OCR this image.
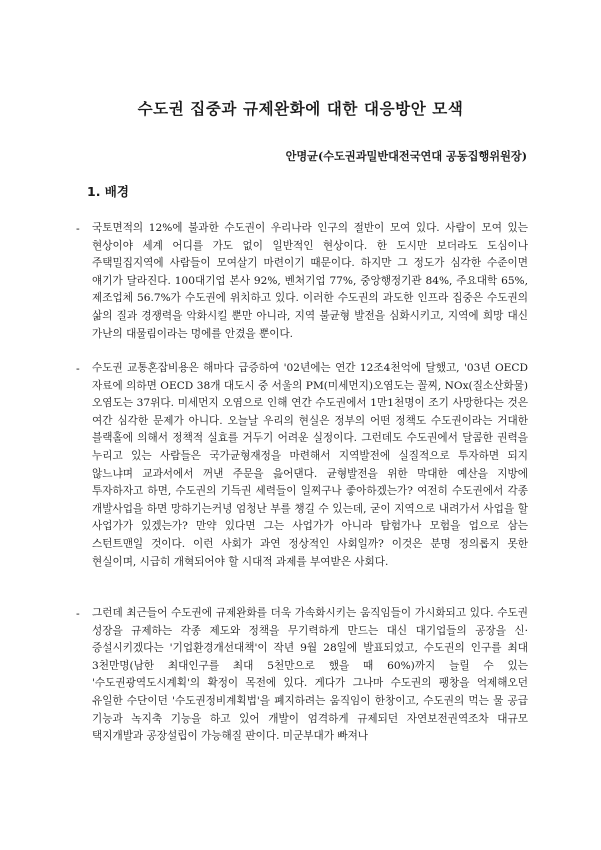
수도권 집중과 규제완화에 대한 대응방안 모색
안명균(수도권과밀반대전국연대 공동집행위원장)
1. 배경
- 국토면적의 12%에 불과한 수도권이 우리나라 인구의 절반이 모여 있다. 사람이 모여 있는 현상이야 세계 어디를 가도 없이 일반적인 현상이다. 한 도시만 보더라도 도심이나 주택밀집지역에 사람들이 모여살기 마련이기 때문이다. 하지만 그 정도가 심각한 수준이면 얘기가 달라진다. 100대기업 본사 92%, 벤처기업 77%, 중앙행정기관 84%, 주요대학 65%, 제조업체 56.7%가 수도권에 위치하고 있다. 이러한 수도권의 과도한 인프라 집중은 수도권의 삶의 질과 경쟁력을 악화시킬 뿐만 아니라, 지역 불균형 발전을 심화시키고, 지역에 희망 대신 가난의 대물림이라는 멍에를 안겼을 뿐이다.
- 수도권 교통혼잡비용은 해마다 급증하여 '02년에는 연간 12조4천억에 달했고, '03년 OECD 자료에 의하면 OECD 38개 대도시 중 서울의 PM(미세먼지)오염도는 꼴찌, NOx(질소산화물)오염도는 37위다. 미세먼지 오염으로 인해 연간 수도권에서 1만1천명이 조기 사망한다는 것은 여간 심각한 문제가 아니다. 오늘날 우리의 현실은 정부의 어떤 정책도 수도권이라는 거대한 블랙홀에 의해서 정책적 실효를 거두기 어려운 실정이다. 그런데도 수도권에서 달콤한 권력을 누리고 있는 사람들은 국가균형재정을 마련해서 지역발전에 실질적으로 투자하면 되지 않느냐며 교과서에서 꺼낸 주문을 읊어댄다. 균형발전을 위한 막대한 예산을 지방에 투자하자고 하면, 수도권의 기득권 세력들이 일찌구나 좋아하겠는가? 여전히 수도권에서 각종 개발사업을 하면 망하기는커녕 엄청난 부를 챙길 수 있는데, 굳이 지역으로 내려가서 사업을 할 사업가가 있겠는가? 만약 있다면 그는 사업가가 아니라 탐험가나 모험을 업으로 삼는 스턴트맨일 것이다. 이런 사회가 과연 정상적인 사회일까? 이것은 분명 정의롭지 못한 현실이며, 시급히 개혁되어야 할 시대적 과제를 부여받은 사회다.
- 그런데 최근들어 수도권에 규제완화를 더욱 가속화시키는 움직임들이 가시화되고 있다. 수도권 성장을 규제하는 각종 제도와 정책을 무기력하게 만드는 대신 대기업들의 공장을 신·증설시키겠다는 '기업환경개선대책'이 작년 9월 28일에 발표되었고, 수도권의 인구를 최대 3천만명(남한 최대인구를 최대 5천만으로 했을 때 60%)까지 늘릴 수 있는 '수도권광역도시계획'의 확정이 목전에 있다. 게다가 그나마 수도권의 팽창을 억제해오던 유일한 수단이던 '수도권정비계획법'을 폐지하려는 움직임이 한창이고, 수도권의 먹는 물 공급 기능과 녹지축 기능을 하고 있어 개발이 엄격하게 규제되던 자연보전권역조차 대규모 택지개발과 공장설립이 가능해질 판이다. 미군부대가 빠져나
